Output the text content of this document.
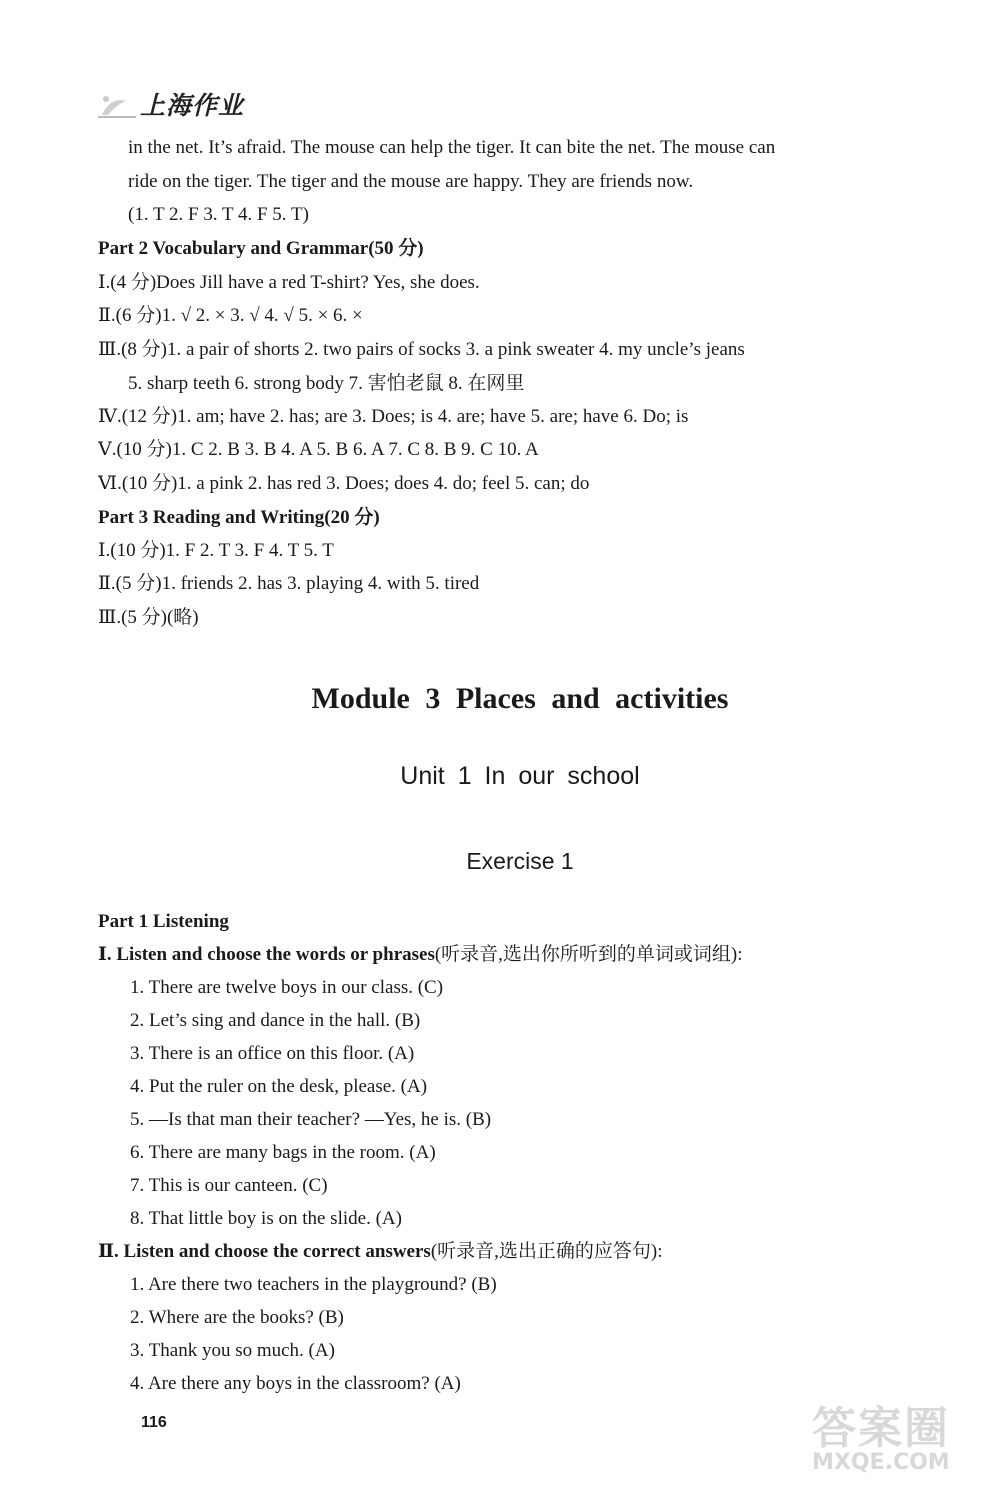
上海作业
in the net. It’s afraid. The mouse can help the tiger. It can bite the net. The mouse can
ride on the tiger. The tiger and the mouse are happy. They are friends now.
(1. T 2. F 3. T 4. F 5. T)
Part 2 Vocabulary and Grammar(50 分)
Ⅰ.(4 分)Does Jill have a red T-shirt? Yes, she does.
Ⅱ.(6 分)1. √ 2. × 3. √ 4. √ 5. × 6. ×
Ⅲ.(8 分)1. a pair of shorts 2. two pairs of socks 3. a pink sweater 4. my uncle’s jeans
5. sharp teeth 6. strong body 7. 害怕老鼠 8. 在网里
Ⅳ.(12 分)1. am; have 2. has; are 3. Does; is 4. are; have 5. are; have 6. Do; is
Ⅴ.(10 分)1. C 2. B 3. B 4. A 5. B 6. A 7. C 8. B 9. C 10. A
Ⅵ.(10 分)1. a pink 2. has red 3. Does; does 4. do; feel 5. can; do
Part 3 Reading and Writing(20 分)
Ⅰ.(10 分)1. F 2. T 3. F 4. T 5. T
Ⅱ.(5 分)1. friends 2. has 3. playing 4. with 5. tired
Ⅲ.(5 分)(略)
Module 3 Places and activities
Unit 1 In our school
Exercise 1
Part 1 Listening
Ⅰ. Listen and choose the words or phrases(听录音,选出你所听到的单词或词组):
1. There are twelve boys in our class. (C)
2. Let’s sing and dance in the hall. (B)
3. There is an office on this floor. (A)
4. Put the ruler on the desk, please. (A)
5. —Is that man their teacher? —Yes, he is. (B)
6. There are many bags in the room. (A)
7. This is our canteen. (C)
8. That little boy is on the slide. (A)
Ⅱ. Listen and choose the correct answers(听录音,选出正确的应答句):
1. Are there two teachers in the playground? (B)
2. Where are the books? (B)
3. Thank you so much. (A)
4. Are there any boys in the classroom? (A)
116	答案圈
MXQE.COM
